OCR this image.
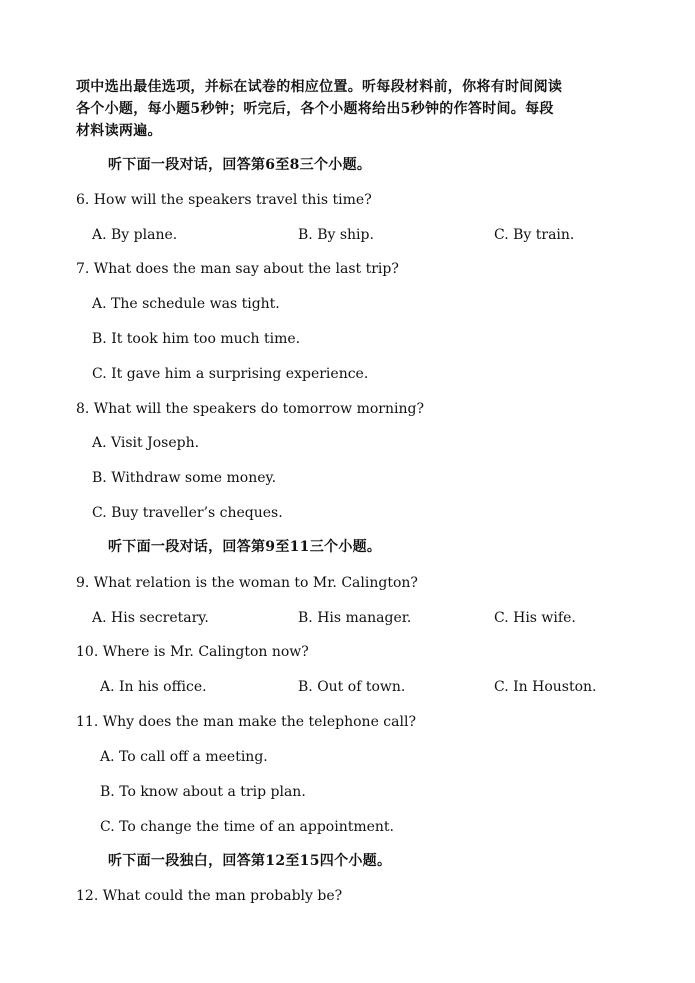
项中选出最佳选项，并标在试卷的相应位置。听每段材料前，你将有时间阅读
各个小题，每小题5秒钟；听完后，各个小题将给出5秒钟的作答时间。每段
材料读两遍。
听下面一段对话，回答第6至8三个小题。
6. How will the speakers travel this time?
A. By plane.	B. By ship.	C. By train.
7. What does the man say about the last trip?
A. The schedule was tight.
B. It took him too much time.
C. It gave him a surprising experience.
8. What will the speakers do tomorrow morning?
A. Visit Joseph.
B. Withdraw some money.
C. Buy traveller’s cheques.
听下面一段对话，回答第9至11三个小题。
9. What relation is the woman to Mr. Calington?
A. His secretary.	B. His manager.	C. His wife.
10. Where is Mr. Calington now?
A. In his office.	B. Out of town.	C. In Houston.
11. Why does the man make the telephone call?
A. To call off a meeting.
B. To know about a trip plan.
C. To change the time of an appointment.
听下面一段独白，回答第12至15四个小题。
12. What could the man probably be?
